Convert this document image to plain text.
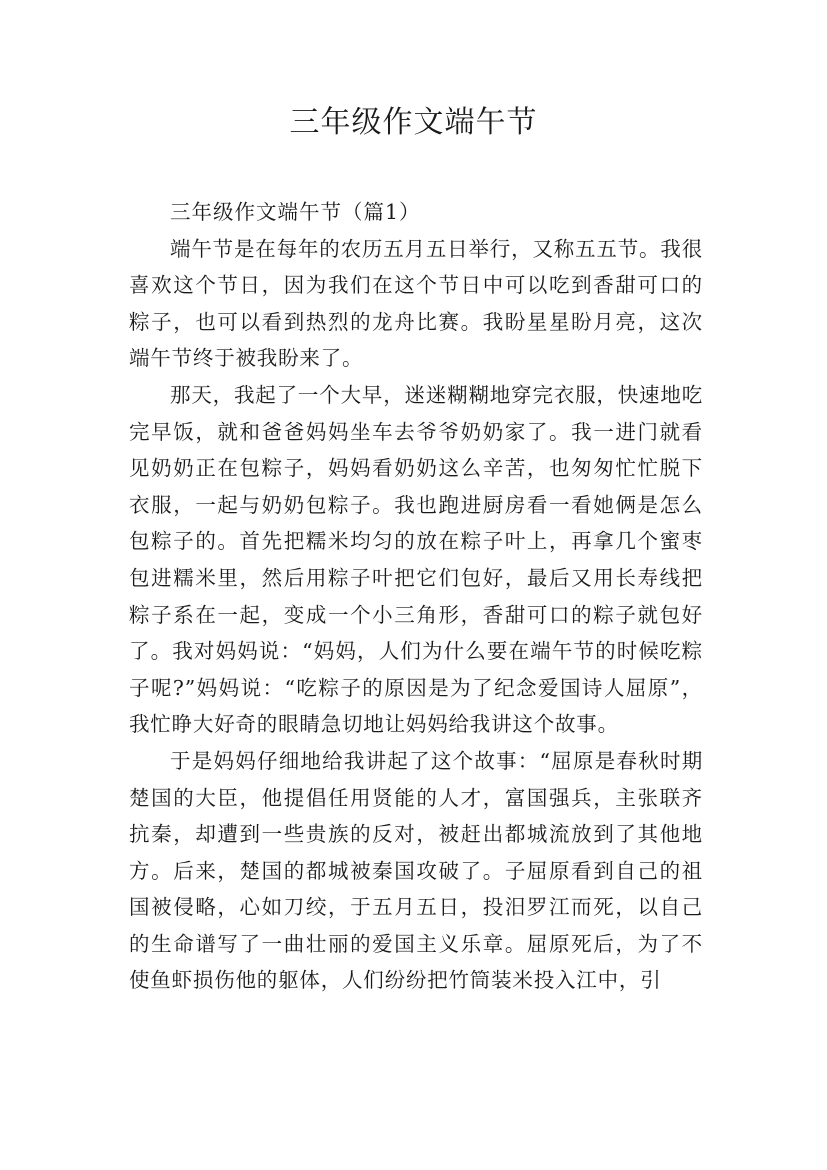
三年级作文端午节
三年级作文端午节（篇1）

端午节是在每年的农历五月五日举行，又称五五节。我很喜欢这个节日，因为我们在这个节日中可以吃到香甜可口的粽子，也可以看到热烈的龙舟比赛。我盼星星盼月亮，这次端午节终于被我盼来了。

那天，我起了一个大早，迷迷糊糊地穿完衣服，快速地吃完早饭，就和爸爸妈妈坐车去爷爷奶奶家了。我一进门就看见奶奶正在包粽子，妈妈看奶奶这么辛苦，也匆匆忙忙脱下衣服，一起与奶奶包粽子。我也跑进厨房看一看她俩是怎么包粽子的。首先把糯米均匀的放在粽子叶上，再拿几个蜜枣包进糯米里，然后用粽子叶把它们包好，最后又用长寿线把粽子系在一起，变成一个小三角形，香甜可口的粽子就包好了。我对妈妈说：“妈妈，人们为什么要在端午节的时候吃粽子呢?”妈妈说：“吃粽子的原因是为了纪念爱国诗人屈原”，我忙睁大好奇的眼睛急切地让妈妈给我讲这个故事。

于是妈妈仔细地给我讲起了这个故事：“屈原是春秋时期楚国的大臣，他提倡任用贤能的人才，富国强兵，主张联齐抗秦，却遭到一些贵族的反对，被赶出都城流放到了其他地方。后来，楚国的都城被秦国攻破了。子屈原看到自己的祖国被侵略，心如刀绞，于五月五日，投汨罗江而死，以自己的生命谱写了一曲壮丽的爱国主义乐章。屈原死后，为了不使鱼虾损伤他的躯体，人们纷纷把竹筒装米投入江中，引
